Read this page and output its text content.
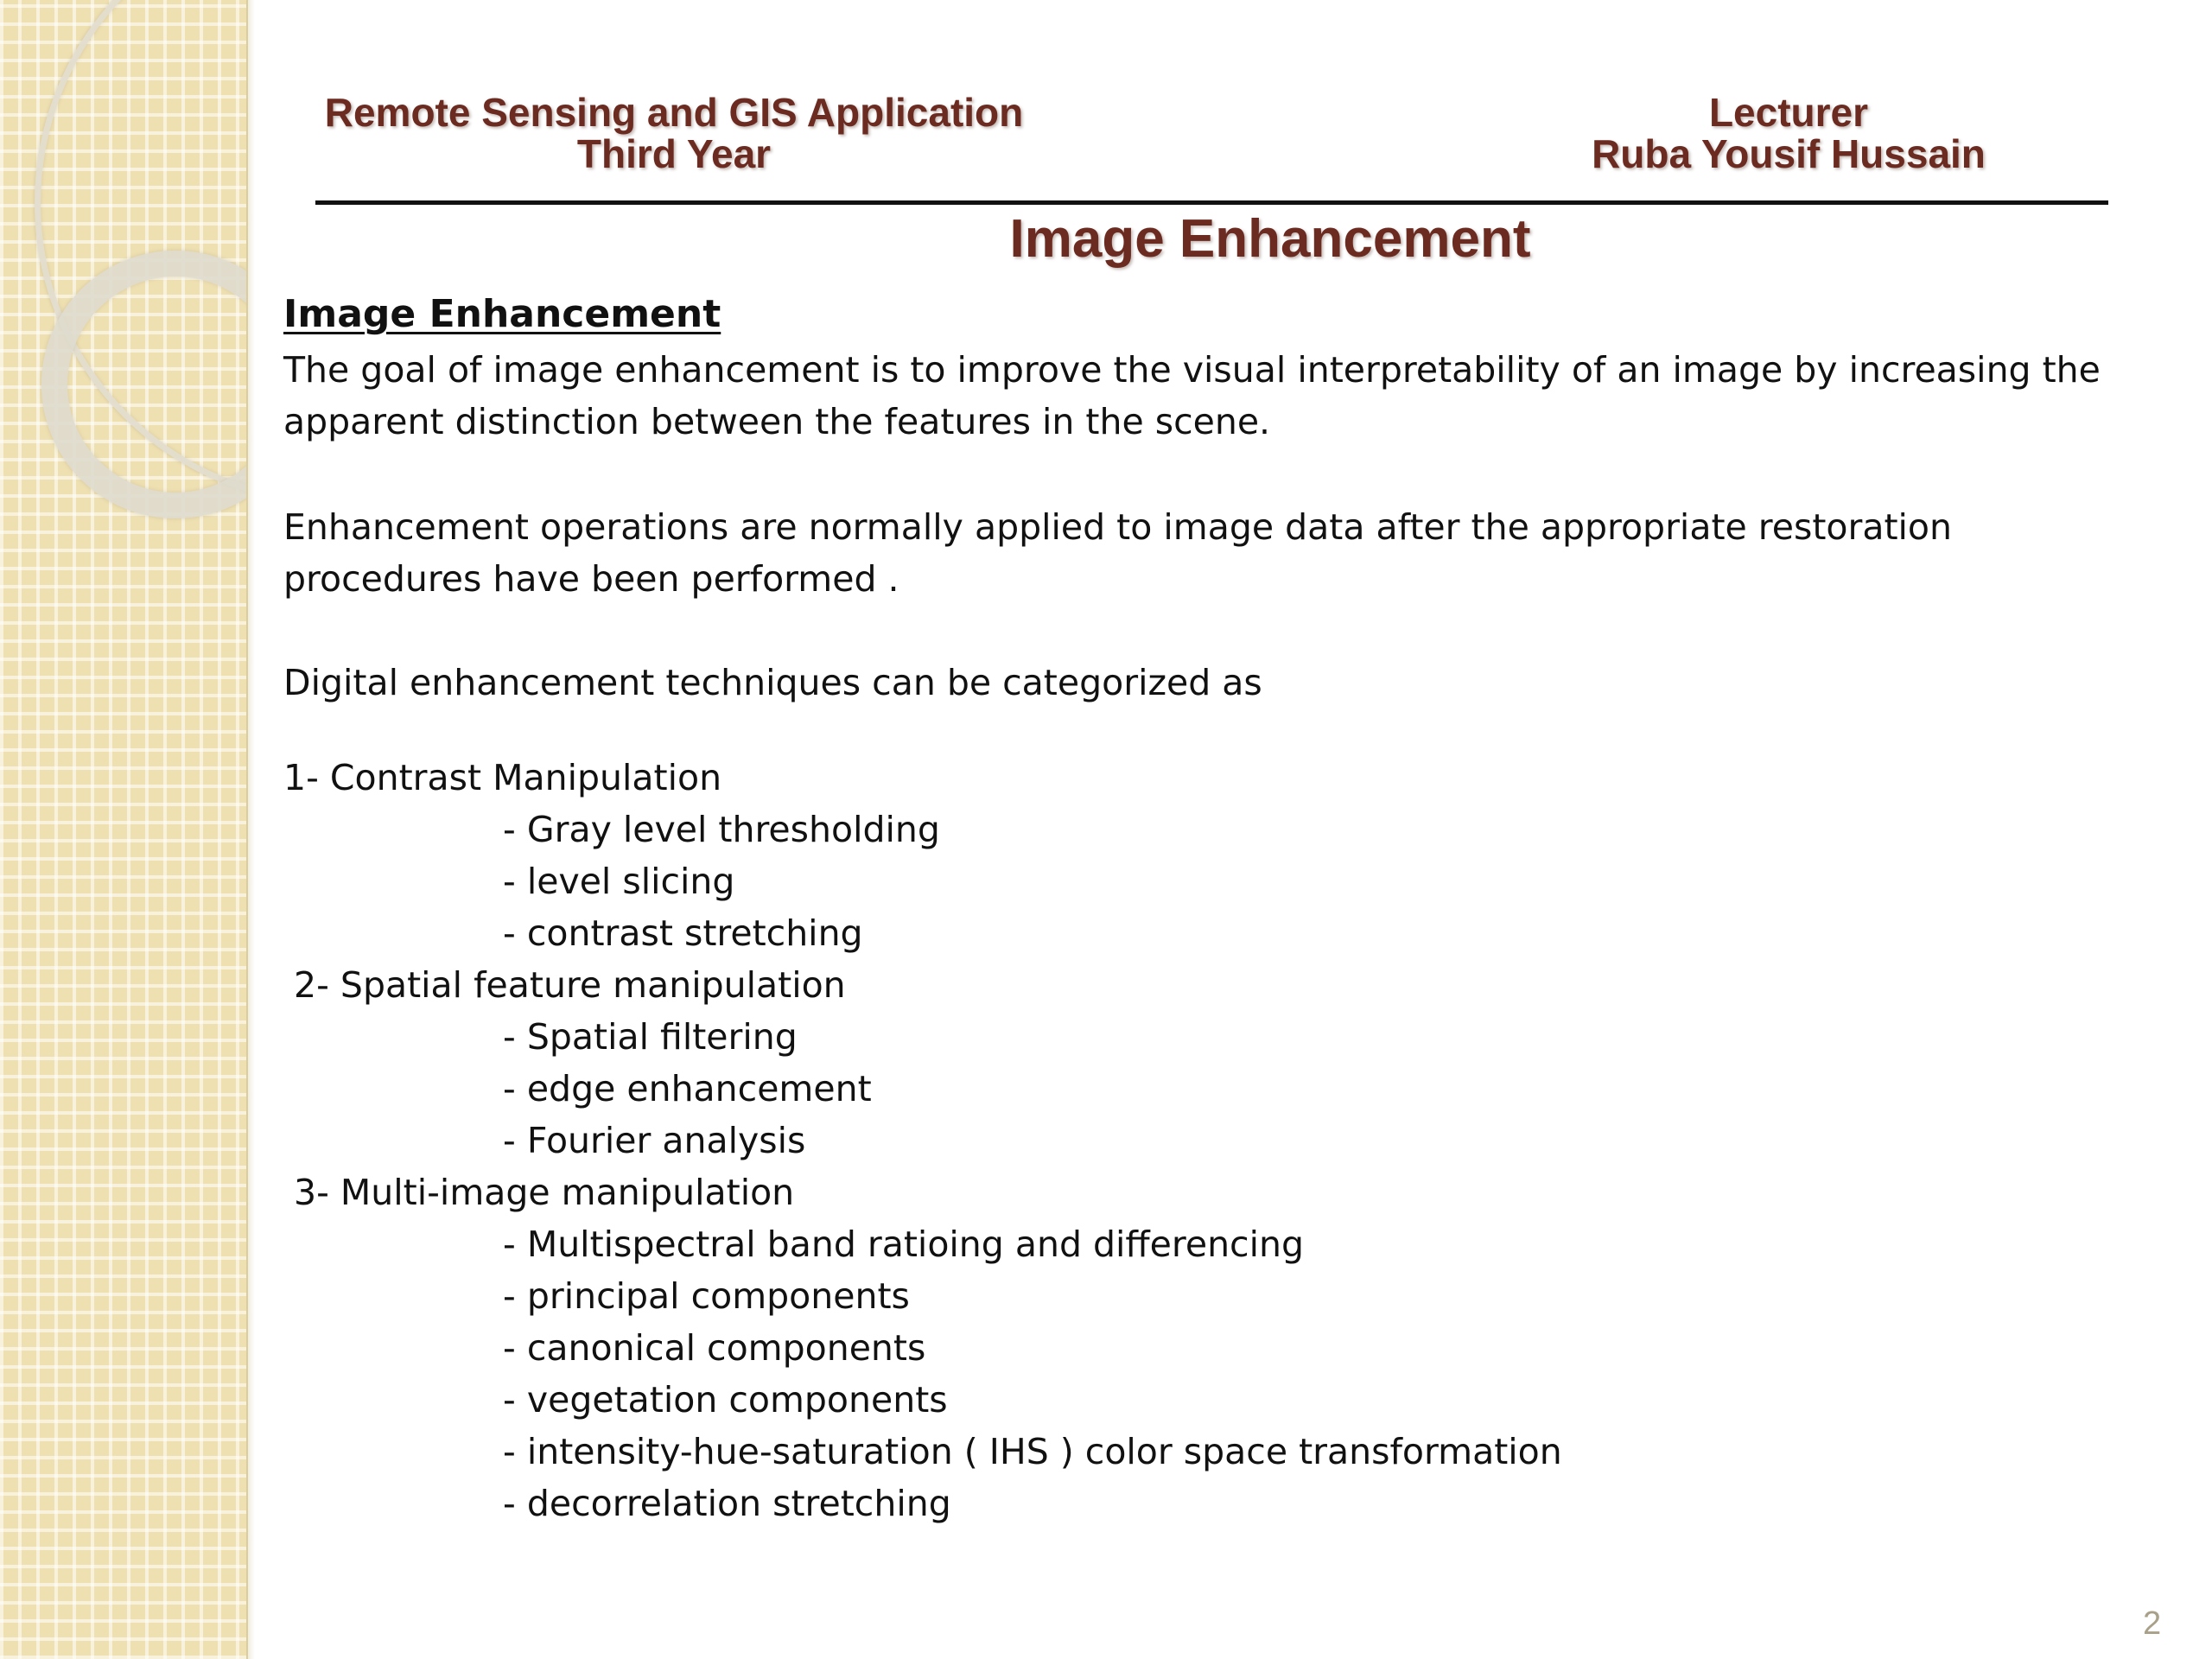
Remote Sensing and GIS Application
Third Year
Lecturer
Ruba Yousif Hussain
Image Enhancement
Image Enhancement
The goal of image enhancement is to improve the visual interpretability of an image by increasing the apparent distinction between the features in the scene.
Enhancement operations are normally applied to image data after the appropriate restoration procedures have been performed .
Digital enhancement techniques can be categorized as
1- Contrast Manipulation
- Gray level thresholding
- level slicing
- contrast stretching
2- Spatial feature manipulation
- Spatial filtering
- edge enhancement
- Fourier analysis
3- Multi-image manipulation
- Multispectral band ratioing and differencing
- principal components
- canonical components
- vegetation components
- intensity-hue-saturation ( IHS ) color space transformation
- decorrelation stretching
2
